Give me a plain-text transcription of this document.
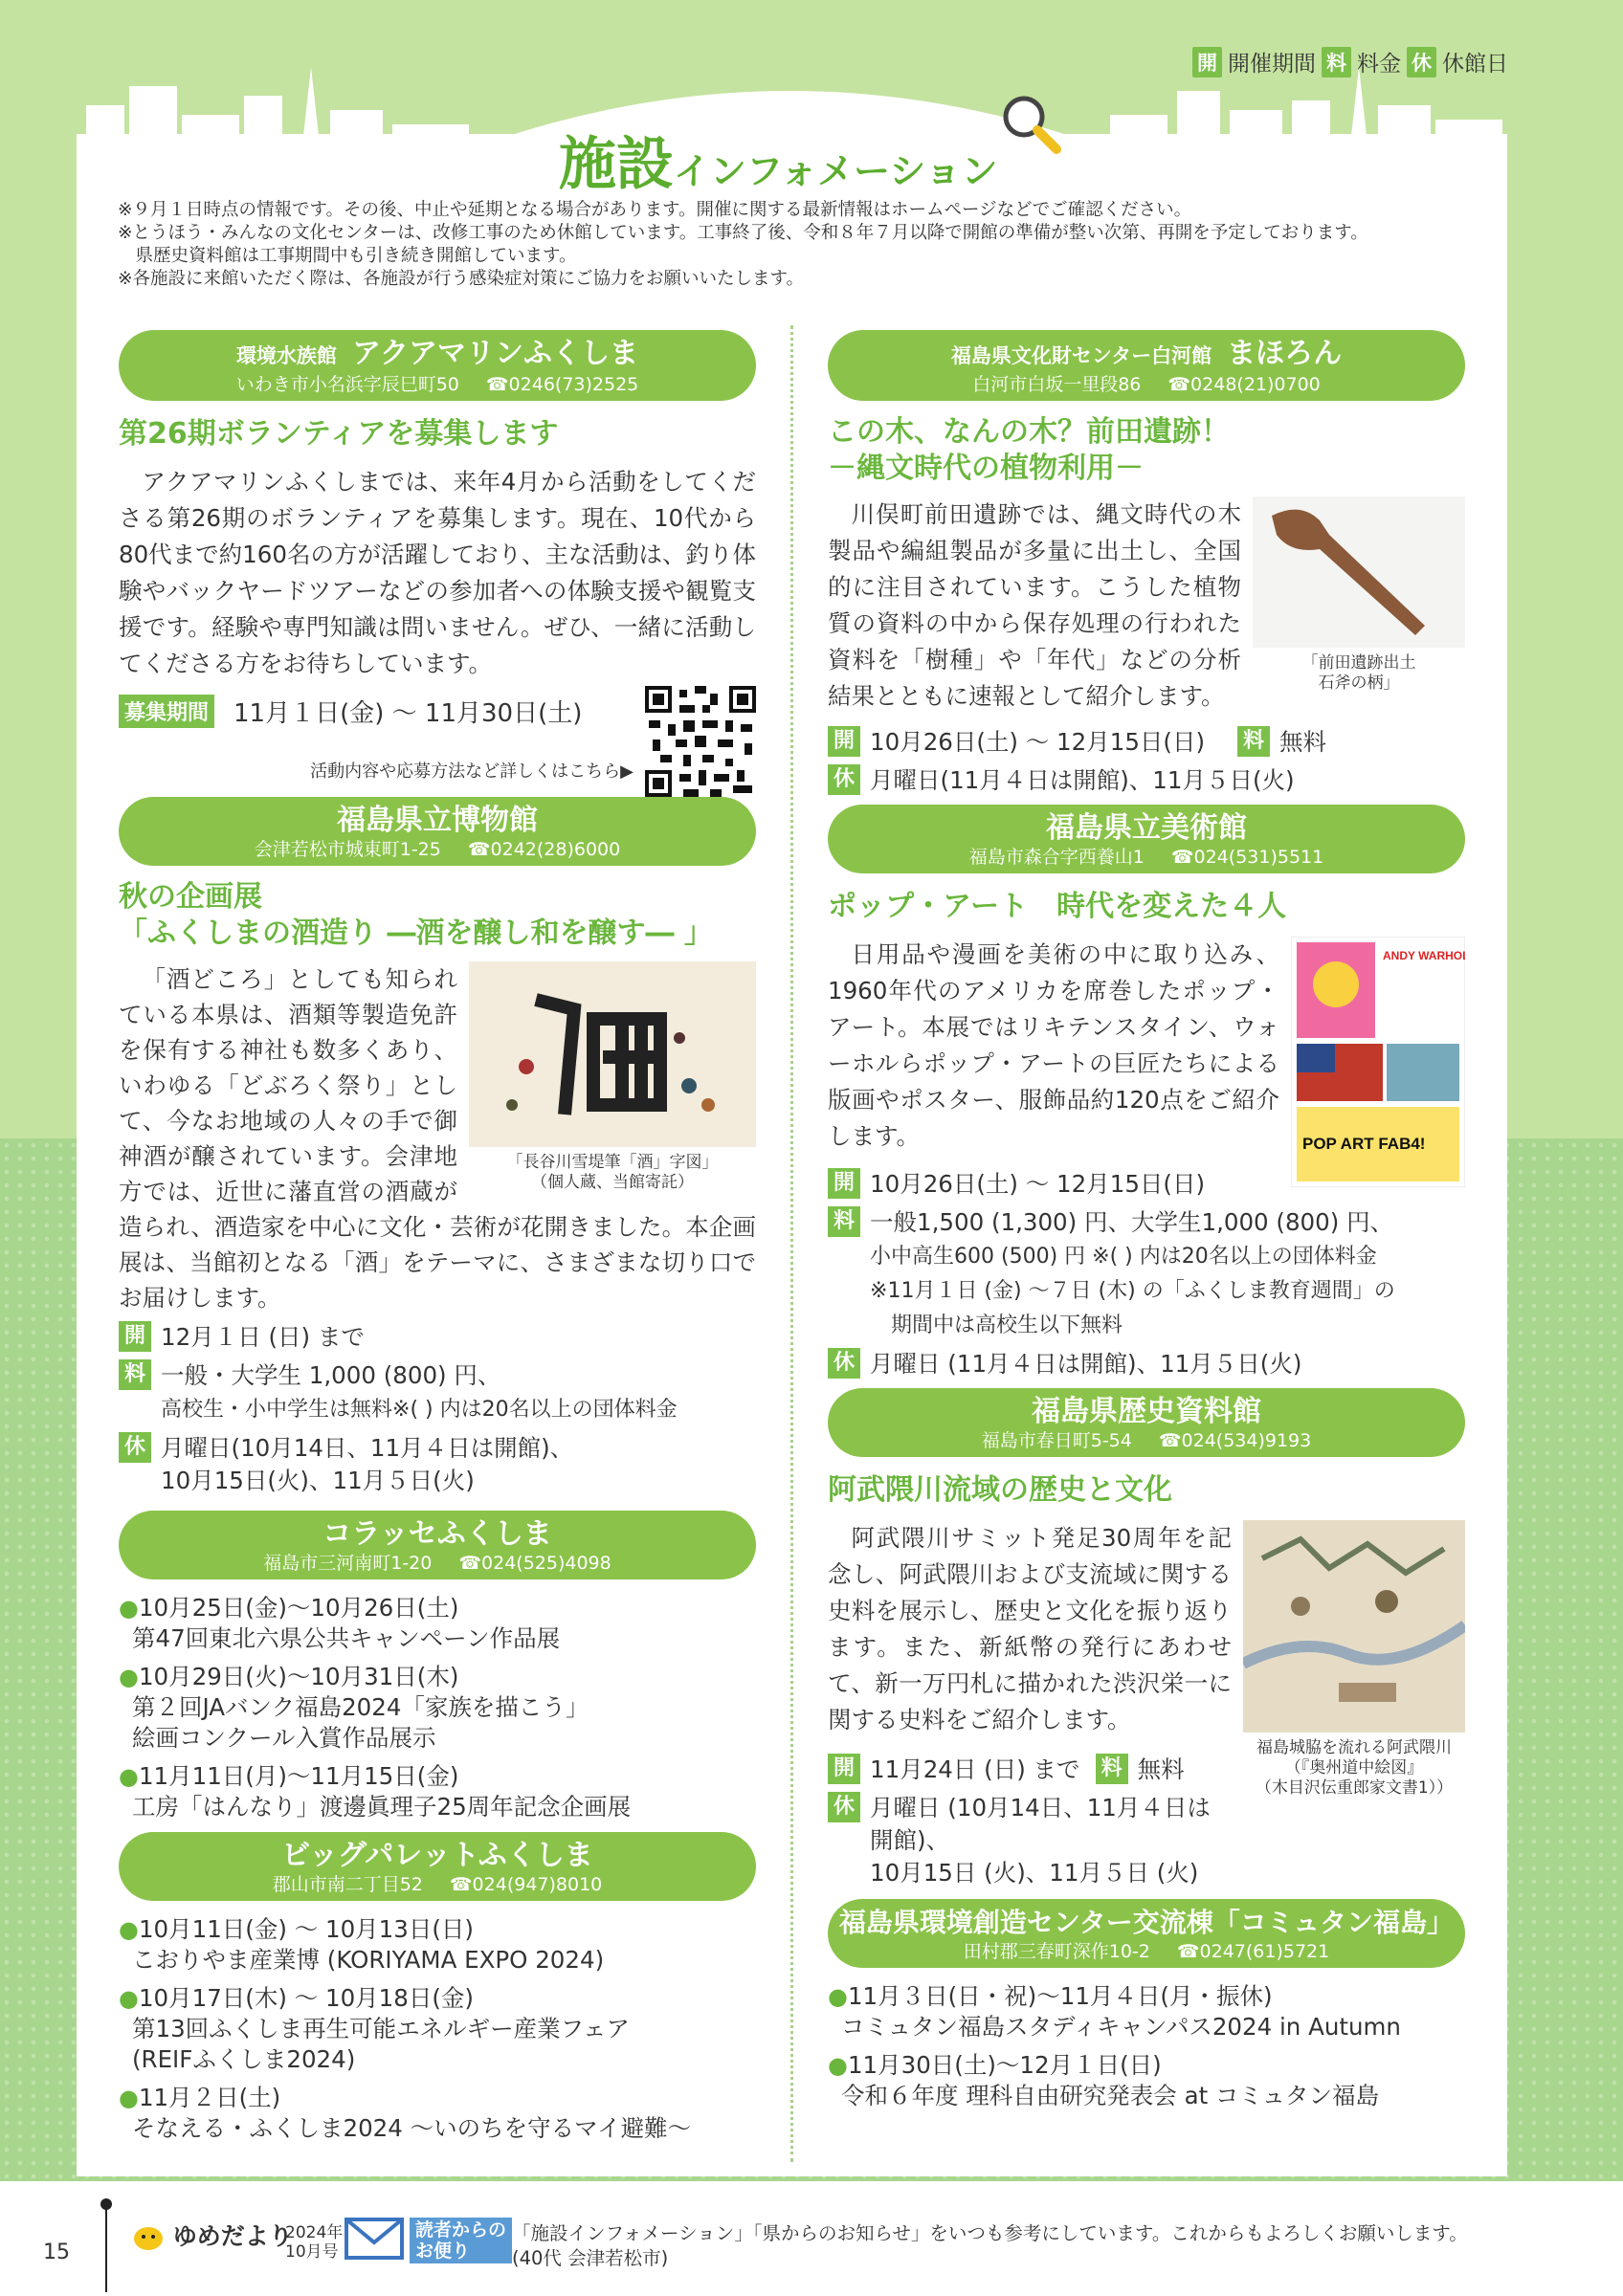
開 開催期間 料 料金 休 休館日
施設インフォメーション
※９月１日時点の情報です。その後、中止や延期となる場合があります。開催に関する最新情報はホームページなどでご確認ください。
※とうほう・みんなの文化センターは、改修工事のため休館しています。工事終了後、令和８年７月以降で開館の準備が整い次第、再開を予定しております。
　県歴史資料館は工事期間中も引き続き開館しています。
※各施設に来館いただく際は、各施設が行う感染症対策にご協力をお願いいたします。
環境水族館 アクアマリンふくしま
いわき市小名浜字辰巳町50 ☎0246(73)2525
第26期ボランティアを募集します
アクアマリンふくしまでは、来年4月から活動をしてくださる第26期のボランティアを募集します。現在、10代から80代まで約160名の方が活躍しており、主な活動は、釣り体験やバックヤードツアーなどの参加者への体験支援や観覧支援です。経験や専門知識は問いません。ぜひ、一緒に活動してくださる方をお待ちしています。
募集期間 11月１日(金) ～ 11月30日(土)
活動内容や応募方法など詳しくはこちら▶
福島県立博物館
会津若松市城東町1-25 ☎0242(28)6000
秋の企画展
「ふくしまの酒造り ―酒を醸し和を醸す― 」
「長谷川雪堤筆「酒」字図」
（個人蔵、当館寄託）
「酒どころ」としても知られている本県は、酒類等製造免許を保有する神社も数多くあり、いわゆる「どぶろく祭り」として、今なお地域の人々の手で御神酒が醸されています。会津地方では、近世に藩直営の酒蔵が造られ、酒造家を中心に文化・芸術が花開きました。本企画展は、当館初となる「酒」をテーマに、さまざまな切り口でお届けします。
開 12月１日 (日) まで
料 一般・大学生 1,000 (800) 円、
高校生・小中学生は無料※( ) 内は20名以上の団体料金
休 月曜日(10月14日、11月４日は開館)、
10月15日(火)、11月５日(火)
コラッセふくしま
福島市三河南町1-20 ☎024(525)4098
●10月25日(金)～10月26日(土)
第47回東北六県公共キャンペーン作品展
●10月29日(火)～10月31日(木)
第２回JAバンク福島2024「家族を描こう」
絵画コンクール入賞作品展示
●11月11日(月)～11月15日(金)
工房「はんなり」渡邊眞理子25周年記念企画展
ビッグパレットふくしま
郡山市南二丁目52 ☎024(947)8010
●10月11日(金) ～ 10月13日(日)
こおりやま産業博 (KORIYAMA EXPO 2024)
●10月17日(木) ～ 10月18日(金)
第13回ふくしま再生可能エネルギー産業フェア
(REIFふくしま2024)
●11月２日(土)
そなえる・ふくしま2024 ～いのちを守るマイ避難～
福島県文化財センター白河館 まほろん
白河市白坂一里段86 ☎0248(21)0700
この木、なんの木？前田遺跡！
－縄文時代の植物利用－
「前田遺跡出土
石斧の柄」
川俣町前田遺跡では、縄文時代の木製品や編組製品が多量に出土し、全国的に注目されています。こうした植物質の資料の中から保存処理の行われた資料を「樹種」や「年代」などの分析結果とともに速報として紹介します。
開 10月26日(土) ～ 12月15日(日) 料 無料
休 月曜日(11月４日は開館)、11月５日(火)
福島県立美術館
福島市森合字西養山1 ☎024(531)5511
ポップ・アート　時代を変えた４人
ANDY WARHOL
POP ART FAB4!
日用品や漫画を美術の中に取り込み、1960年代のアメリカを席巻したポップ・アート。本展ではリキテンスタイン、ウォーホルらポップ・アートの巨匠たちによる版画やポスター、服飾品約120点をご紹介します。
開 10月26日(土) ～ 12月15日(日)
料 一般1,500 (1,300) 円、大学生1,000 (800) 円、
小中高生600 (500) 円 ※( ) 内は20名以上の団体料金
※11月１日 (金) ～７日 (木) の「ふくしま教育週間」の
期間中は高校生以下無料
休 月曜日 (11月４日は開館)、11月５日(火)
福島県歴史資料館
福島市春日町5-54 ☎024(534)9193
阿武隈川流域の歴史と文化
福島城脇を流れる阿武隈川
（『奥州道中絵図』
（木目沢伝重郎家文書1））
阿武隈川サミット発足30周年を記念し、阿武隈川および支流域に関する史料を展示し、歴史と文化を振り返ります。また、新紙幣の発行にあわせて、新一万円札に描かれた渋沢栄一に関する史料をご紹介します。
開 11月24日 (日) まで 料 無料
休 月曜日 (10月14日、11月４日は開館)、
10月15日 (火)、11月５日 (火)
福島県環境創造センター交流棟「コミュタン福島」
田村郡三春町深作10-2 ☎0247(61)5721
●11月３日(日・祝)～11月４日(月・振休)
コミュタン福島スタディキャンパス2024 in Autumn
●11月30日(土)～12月１日(日)
令和６年度 理科自由研究発表会 at コミュタン福島
15
ゆめだより
2024年
10月号
読者からの
お便り
「施設インフォメーション」「県からのお知らせ」をいつも参考にしています。これからもよろしくお願いします。
(40代 会津若松市)
